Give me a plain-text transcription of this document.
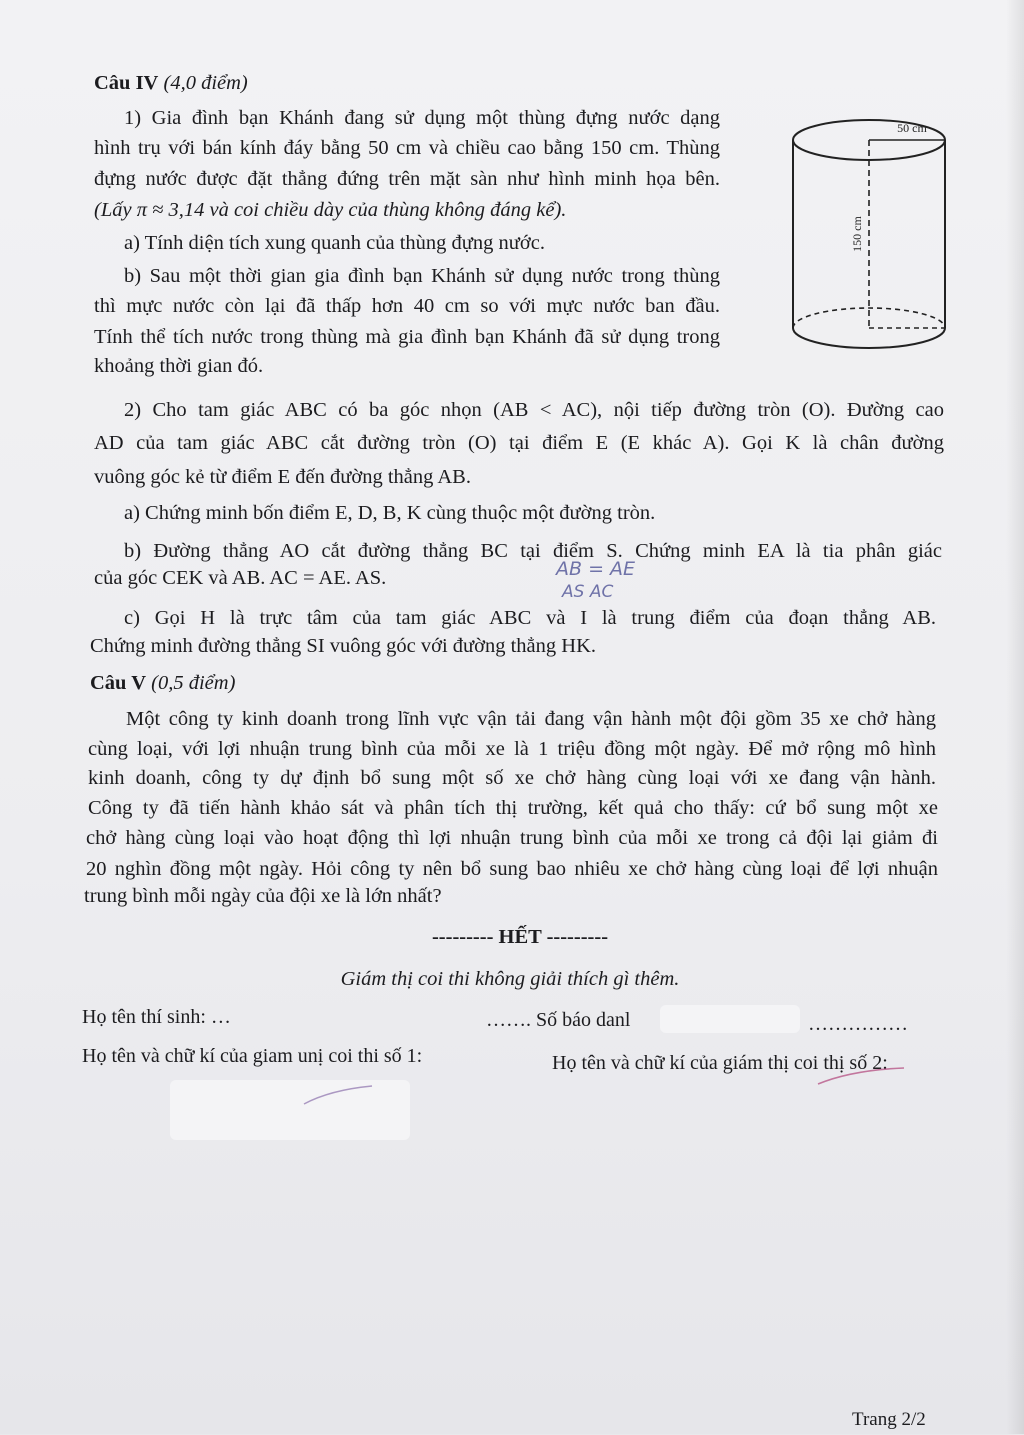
Câu IV (4,0 điểm)
1) Gia đình bạn Khánh đang sử dụng một thùng đựng nước dạng
hình trụ với bán kính đáy bằng 50 cm và chiều cao bằng 150 cm. Thùng
đựng nước được đặt thẳng đứng trên mặt sàn như hình minh họa bên.
(Lấy π ≈ 3,14 và coi chiều dày của thùng không đáng kể).
a) Tính diện tích xung quanh của thùng đựng nước.
b) Sau một thời gian gia đình bạn Khánh sử dụng nước trong thùng
thì mực nước còn lại đã thấp hơn 40 cm so với mực nước ban đầu.
Tính thể tích nước trong thùng mà gia đình bạn Khánh đã sử dụng trong
khoảng thời gian đó.
50 cm
150 cm
2) Cho tam giác ABC có ba góc nhọn (AB < AC), nội tiếp đường tròn (O). Đường cao
AD của tam giác ABC cắt đường tròn (O) tại điểm E (E khác A). Gọi K là chân đường
vuông góc kẻ từ điểm E đến đường thẳng AB.
a) Chứng minh bốn điểm E, D, B, K cùng thuộc một đường tròn.
b) Đường thẳng AO cắt đường thẳng BC tại điểm S. Chứng minh EA là tia phân giác
của góc CEK và AB. AC = AE. AS.	AB = AE
AS AC
c) Gọi H là trực tâm của tam giác ABC và I là trung điểm của đoạn thẳng AB.
Chứng minh đường thẳng SI vuông góc với đường thẳng HK.
Câu V (0,5 điểm)
Một công ty kinh doanh trong lĩnh vực vận tải đang vận hành một đội gồm 35 xe chở hàng
cùng loại, với lợi nhuận trung bình của mỗi xe là 1 triệu đồng một ngày. Để mở rộng mô hình
kinh doanh, công ty dự định bổ sung một số xe chở hàng cùng loại với xe đang vận hành.
Công ty đã tiến hành khảo sát và phân tích thị trường, kết quả cho thấy: cứ bổ sung một xe
chở hàng cùng loại vào hoạt động thì lợi nhuận trung bình của mỗi xe trong cả đội lại giảm đi
20 nghìn đồng một ngày. Hỏi công ty nên bổ sung bao nhiêu xe chở hàng cùng loại để lợi nhuận
trung bình mỗi ngày của đội xe là lớn nhất?
--------- HẾT ---------
Giám thị coi thi không giải thích gì thêm.
Họ tên thí sinh: …	……. Số báo danl	……………
Họ tên và chữ kí của giam unị coi thi số 1:	Họ tên và chữ kí của giám thị coi thị số 2:
Trang 2/2
